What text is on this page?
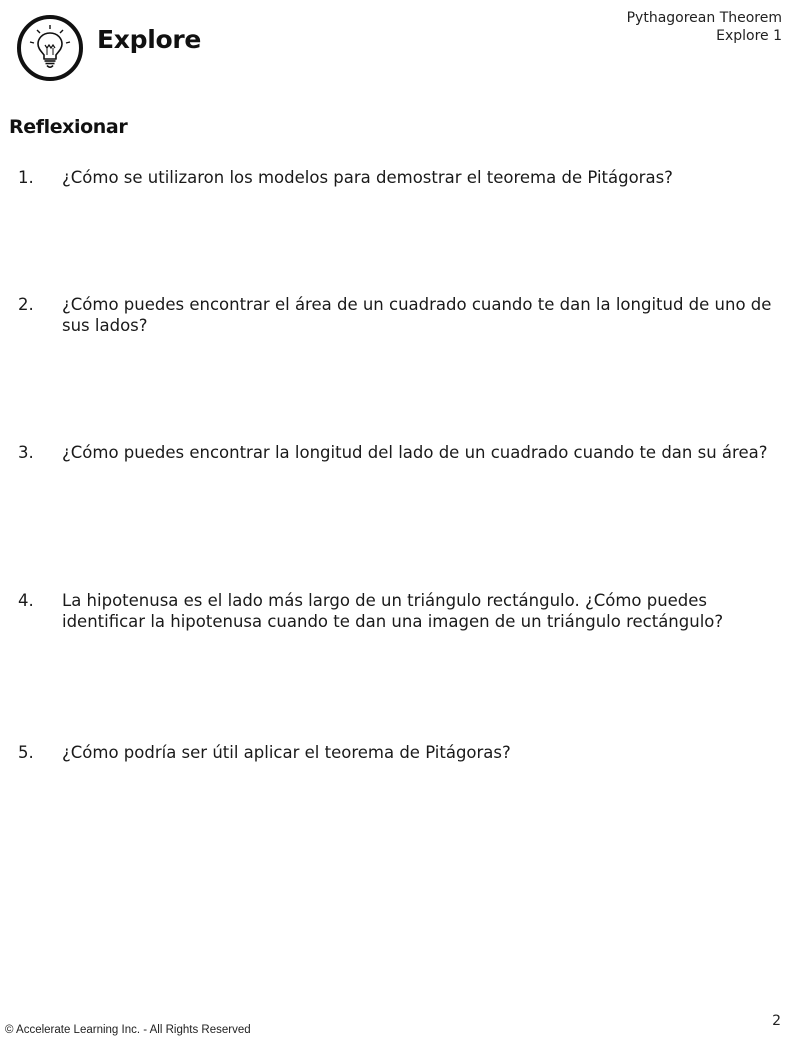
Explore
Pythagorean Theorem
Explore 1
Reflexionar
1. ¿Cómo se utilizaron los modelos para demostrar el teorema de Pitágoras?
2. ¿Cómo puedes encontrar el área de un cuadrado cuando te dan la longitud de uno de sus lados?
3. ¿Cómo puedes encontrar la longitud del lado de un cuadrado cuando te dan su área?
4. La hipotenusa es el lado más largo de un triángulo rectángulo. ¿Cómo puedes identificar la hipotenusa cuando te dan una imagen de un triángulo rectángulo?
5. ¿Cómo podría ser útil aplicar el teorema de Pitágoras?
© Accelerate Learning Inc. - All Rights Reserved
2
